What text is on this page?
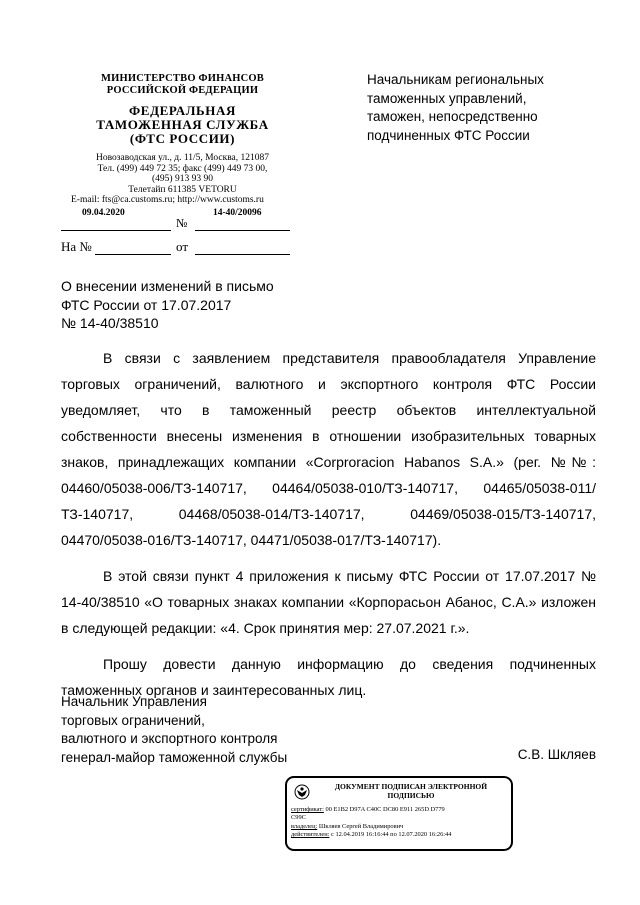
МИНИСТЕРСТВО ФИНАНСОВ
РОССИЙСКОЙ ФЕДЕРАЦИИ
ФЕДЕРАЛЬНАЯ
ТАМОЖЕННАЯ СЛУЖБА
(ФТС РОССИИ)
Новозаводская ул., д. 11/5, Москва, 121087
Тел. (499) 449 72 35; факс (499) 449 73 00,
(495) 913 93 90
Телетайп 611385 VETORU
E-mail: fts@ca.customs.ru; http://www.customs.ru
09.04.2020
№
14-40/20096
На №	от
Начальникам региональных
таможенных управлений,
таможен, непосредственно
подчиненных ФТС России
О внесении изменений в письмо
ФТС России от 17.07.2017
№ 14-40/38510

В связи с заявлением представителя правообладателя Управление торговых ограничений, валютного и экспортного контроля ФТС России уведомляет, что в таможенный реестр объектов интеллектуальной собственности внесены изменения в отношении изобразительных товарных знаков, принадлежащих компании «Corproracion Habanos S.A.» (рег. №№: 04460/05038-006/ТЗ-140717, 04464/05038-010/ТЗ-140717, 04465/05038-011/ТЗ-140717, 04468/05038-014/ТЗ-140717, 04469/05038-015/ТЗ-140717, 04470/05038-016/ТЗ-140717, 04471/05038-017/ТЗ-140717).

В этой связи пункт 4 приложения к письму ФТС России от 17.07.2017 № 14-40/38510 «О товарных знаках компании «Корпорасьон Абанос, С.А.» изложен в следующей редакции: «4. Срок принятия мер: 27.07.2021 г.».

Прошу довести данную информацию до сведения подчиненных таможенных органов и заинтересованных лиц.

Начальник Управления
торговых ограничений,
валютного и экспортного контроля
генерал-майор таможенной службы	С.В. Шкляев
ДОКУМЕНТ ПОДПИСАН ЭЛЕКТРОННОЙ
ПОДПИСЬЮ
сертификат: 00 E1B2 D97A C40C DC80 E911 265D D779
C99C
владелец: Шкляев Сергей Владимирович
действителен: с 12.04.2019 16:16:44 по 12.07.2020 16:26:44
